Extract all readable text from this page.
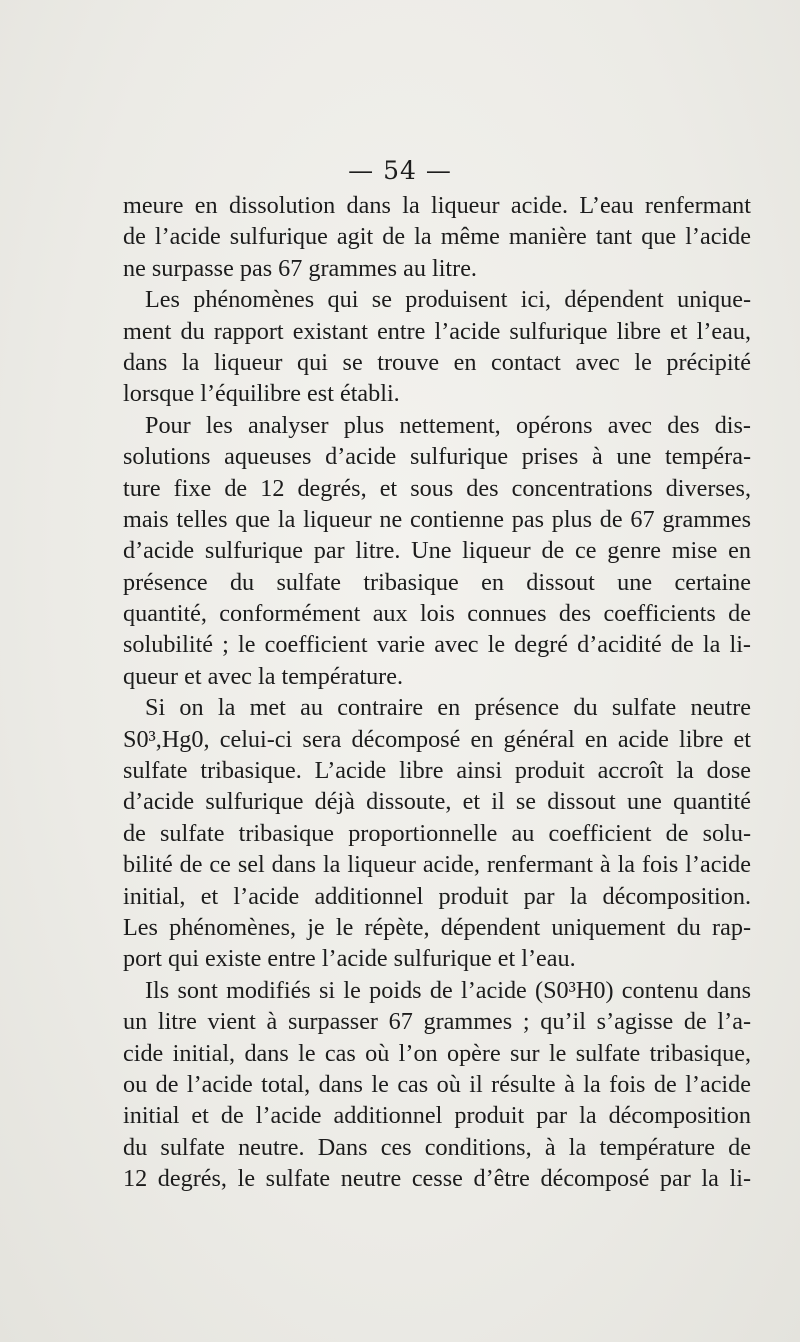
— 54 —
meure en dissolution dans la liqueur acide. L’eau renfermant
de l’acide sulfurique agit de la même manière tant que l’acide
ne surpasse pas 67 grammes au litre.
Les phénomènes qui se produisent ici, dépendent unique-
ment du rapport existant entre l’acide sulfurique libre et l’eau,
dans la liqueur qui se trouve en contact avec le précipité
lorsque l’équilibre est établi.
Pour les analyser plus nettement, opérons avec des dis-
solutions aqueuses d’acide sulfurique prises à une tempéra-
ture fixe de 12 degrés, et sous des concentrations diverses,
mais telles que la liqueur ne contienne pas plus de 67 grammes
d’acide sulfurique par litre. Une liqueur de ce genre mise en
présence du sulfate tribasique en dissout une certaine
quantité, conformément aux lois connues des coefficients de
solubilité ; le coefficient varie avec le degré d’acidité de la li-
queur et avec la température.
Si on la met au contraire en présence du sulfate neutre
S0³,Hg0, celui-ci sera décomposé en général en acide libre et
sulfate tribasique. L’acide libre ainsi produit accroît la dose
d’acide sulfurique déjà dissoute, et il se dissout une quantité
de sulfate tribasique proportionnelle au coefficient de solu-
bilité de ce sel dans la liqueur acide, renfermant à la fois l’acide
initial, et l’acide additionnel produit par la décomposition.
Les phénomènes, je le répète, dépendent uniquement du rap-
port qui existe entre l’acide sulfurique et l’eau.
Ils sont modifiés si le poids de l’acide (S0³H0) contenu dans
un litre vient à surpasser 67 grammes ; qu’il s’agisse de l’a-
cide initial, dans le cas où l’on opère sur le sulfate tribasique,
ou de l’acide total, dans le cas où il résulte à la fois de l’acide
initial et de l’acide additionnel produit par la décomposition
du sulfate neutre. Dans ces conditions, à la température de
12 degrés, le sulfate neutre cesse d’être décomposé par la li-
